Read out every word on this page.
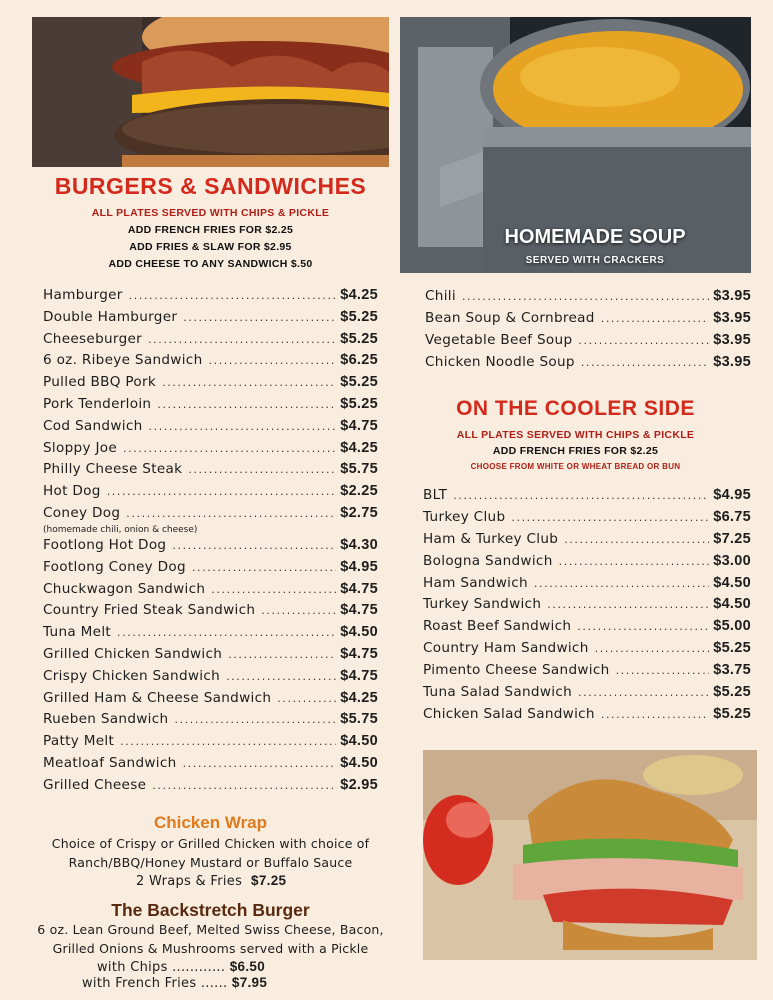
HOMEMADE SOUP
SERVED WITH CRACKERS
BURGERS & SANDWICHES
ALL PLATES SERVED WITH CHIPS & PICKLE
ADD FRENCH FRIES FOR $2.25
ADD FRIES & SLAW FOR $2.95
ADD CHEESE TO ANY SANDWICH $.50
Hamburger .....	$4.25
Double Hamburger .....	$5.25
Cheeseburger .....	$5.25
6 oz. Ribeye Sandwich .....	$6.25
Pulled BBQ Pork .....	$5.25
Pork Tenderloin .....	$5.25
Cod Sandwich .....	$4.75
Sloppy Joe .....	$4.25
Philly Cheese Steak .....	$5.75
Hot Dog .....	$2.25
Coney Dog .....	$2.75
(homemade chili, onion & cheese)
Footlong Hot Dog .....	$4.30
Footlong Coney Dog .....	$4.95
Chuckwagon Sandwich .....	$4.75
Country Fried Steak Sandwich .....	$4.75
Tuna Melt .....	$4.50
Grilled Chicken Sandwich .....	$4.75
Crispy Chicken Sandwich .....	$4.75
Grilled Ham & Cheese Sandwich .....	$4.25
Rueben Sandwich .....	$5.75
Patty Melt .....	$4.50
Meatloaf Sandwich .....	$4.50
Grilled Cheese .....	$2.95
Chicken Wrap
Choice of Crispy or Grilled Chicken with choice of
Ranch/BBQ/Honey Mustard or Buffalo Sauce
2 Wraps & Fries $7.25
The Backstretch Burger
6 oz. Lean Ground Beef, Melted Swiss Cheese, Bacon,
Grilled Onions & Mushrooms served with a Pickle
with Chips ............ $6.50
with French Fries ...... $7.95
Chili .....	$3.95
Bean Soup & Cornbread .....	$3.95
Vegetable Beef Soup .....	$3.95
Chicken Noodle Soup .....	$3.95
ON THE COOLER SIDE
ALL PLATES SERVED WITH CHIPS & PICKLE
ADD FRENCH FRIES FOR $2.25
CHOOSE FROM WHITE OR WHEAT BREAD OR BUN
BLT .....	$4.95
Turkey Club .....	$6.75
Ham & Turkey Club .....	$7.25
Bologna Sandwich .....	$3.00
Ham Sandwich .....	$4.50
Turkey Sandwich .....	$4.50
Roast Beef Sandwich .....	$5.00
Country Ham Sandwich .....	$5.25
Pimento Cheese Sandwich .....	$3.75
Tuna Salad Sandwich .....	$5.25
Chicken Salad Sandwich .....	$5.25
